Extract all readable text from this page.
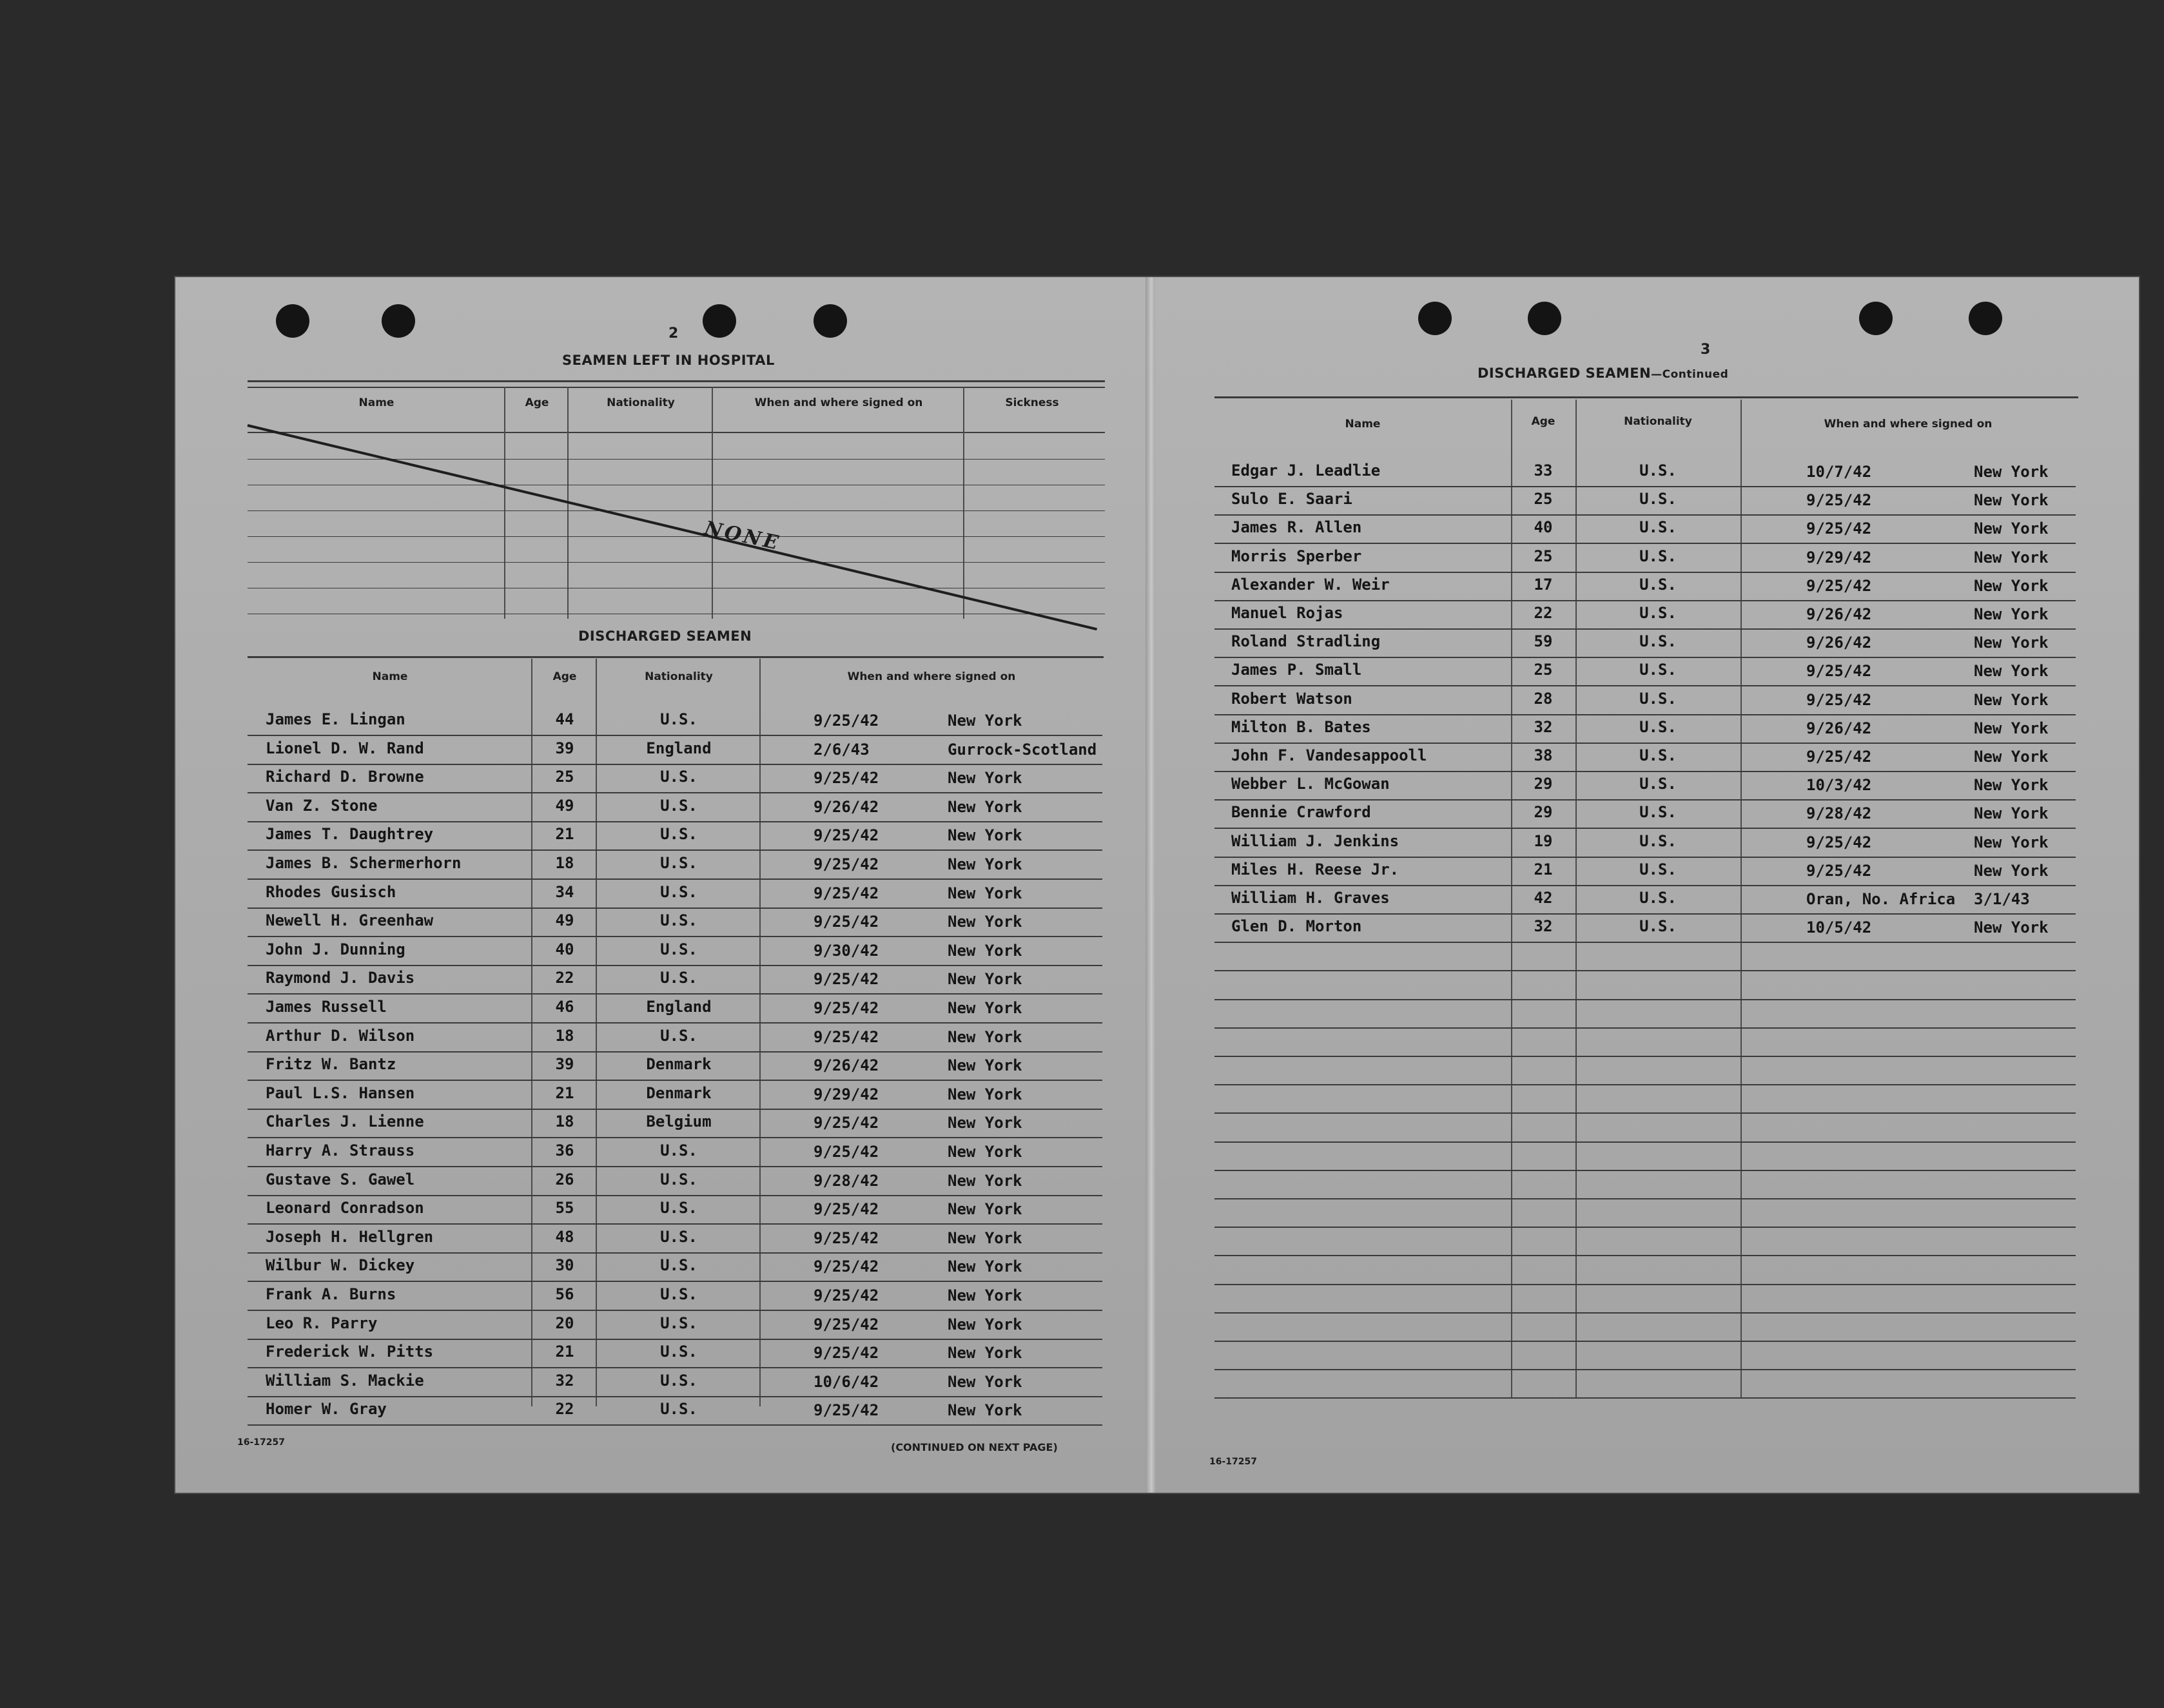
2
SEAMEN LEFT IN HOSPITAL
Name	Age	Nationality	When and where signed on	Sickness
NONE
DISCHARGED SEAMEN
Name	Age	Nationality	When and where signed on
James E. Lingan	44	U.S.	9/25/42	New York
Lionel D. W. Rand	39	England	2/6/43	Gurrock-Scotland
Richard D. Browne	25	U.S.	9/25/42	New York
Van Z. Stone	49	U.S.	9/26/42	New York
James T. Daughtrey	21	U.S.	9/25/42	New York
James B. Schermerhorn	18	U.S.	9/25/42	New York
Rhodes Gusisch	34	U.S.	9/25/42	New York
Newell H. Greenhaw	49	U.S.	9/25/42	New York
John J. Dunning	40	U.S.	9/30/42	New York
Raymond J. Davis	22	U.S.	9/25/42	New York
James Russell	46	England	9/25/42	New York
Arthur D. Wilson	18	U.S.	9/25/42	New York
Fritz W. Bantz	39	Denmark	9/26/42	New York
Paul L.S. Hansen	21	Denmark	9/29/42	New York
Charles J. Lienne	18	Belgium	9/25/42	New York
Harry A. Strauss	36	U.S.	9/25/42	New York
Gustave S. Gawel	26	U.S.	9/28/42	New York
Leonard Conradson	55	U.S.	9/25/42	New York
Joseph H. Hellgren	48	U.S.	9/25/42	New York
Wilbur W. Dickey	30	U.S.	9/25/42	New York
Frank A. Burns	56	U.S.	9/25/42	New York
Leo R. Parry	20	U.S.	9/25/42	New York
Frederick W. Pitts	21	U.S.	9/25/42	New York
William S. Mackie	32	U.S.	10/6/42	New York
Homer W. Gray	22	U.S.	9/25/42	New York
16-17257	(CONTINUED ON NEXT PAGE)
3
DISCHARGED SEAMEN—Continued
Name	Age	Nationality	When and where signed on
Edgar J. Leadlie	33	U.S.	10/7/42	New York
Sulo E. Saari	25	U.S.	9/25/42	New York
James R. Allen	40	U.S.	9/25/42	New York
Morris Sperber	25	U.S.	9/29/42	New York
Alexander W. Weir	17	U.S.	9/25/42	New York
Manuel Rojas	22	U.S.	9/26/42	New York
Roland Stradling	59	U.S.	9/26/42	New York
James P. Small	25	U.S.	9/25/42	New York
Robert Watson	28	U.S.	9/25/42	New York
Milton B. Bates	32	U.S.	9/26/42	New York
John F. Vandesappooll	38	U.S.	9/25/42	New York
Webber L. McGowan	29	U.S.	10/3/42	New York
Bennie Crawford	29	U.S.	9/28/42	New York
William J. Jenkins	19	U.S.	9/25/42	New York
Miles H. Reese Jr.	21	U.S.	9/25/42	New York
William H. Graves	42	U.S.	Oran, No. Africa 3/1/43
Glen D. Morton	32	U.S.	10/5/42	New York
16-17257
